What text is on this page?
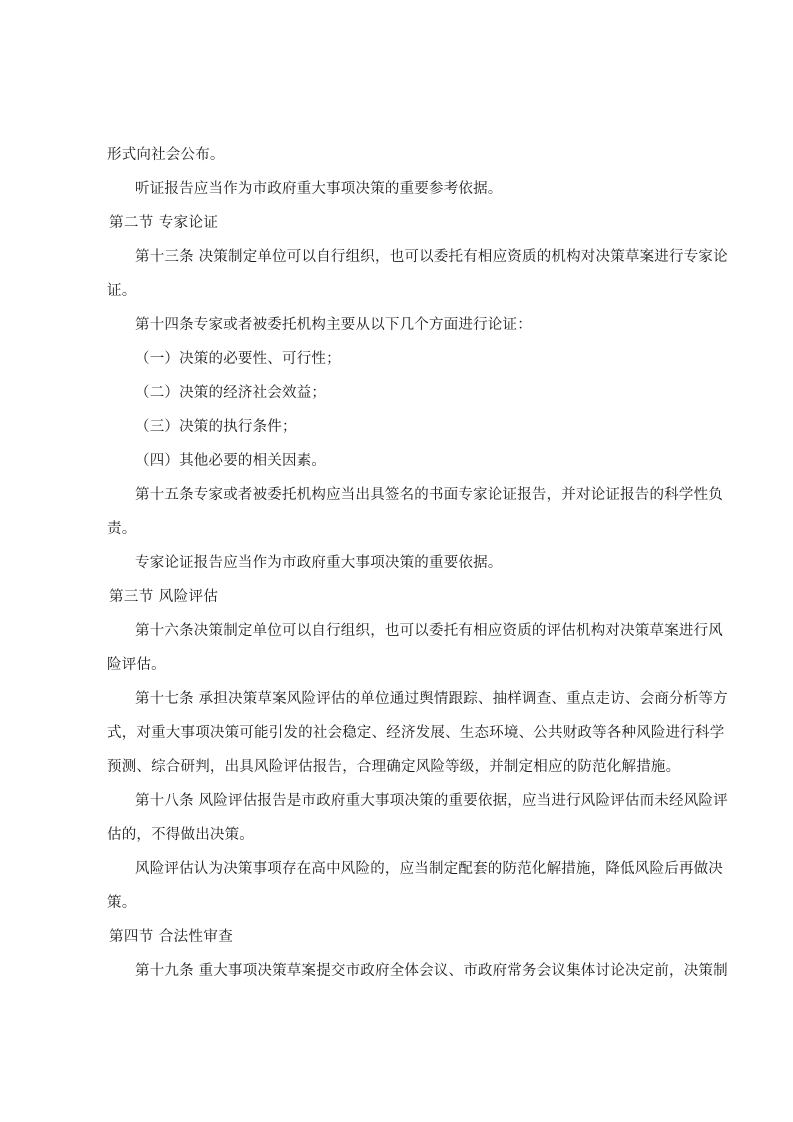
形式向社会公布。
听证报告应当作为市政府重大事项决策的重要参考依据。
第二节 专家论证
第十三条 决策制定单位可以自行组织，也可以委托有相应资质的机构对决策草案进行专家论
证。
第十四条专家或者被委托机构主要从以下几个方面进行论证：
（一）决策的必要性、可行性；
（二）决策的经济社会效益；
（三）决策的执行条件；
（四）其他必要的相关因素。
第十五条专家或者被委托机构应当出具签名的书面专家论证报告，并对论证报告的科学性负
责。
专家论证报告应当作为市政府重大事项决策的重要依据。
第三节 风险评估
第十六条决策制定单位可以自行组织，也可以委托有相应资质的评估机构对决策草案进行风
险评估。
第十七条 承担决策草案风险评估的单位通过舆情跟踪、抽样调查、重点走访、会商分析等方
式，对重大事项决策可能引发的社会稳定、经济发展、生态环境、公共财政等各种风险进行科学
预测、综合研判，出具风险评估报告，合理确定风险等级，并制定相应的防范化解措施。
第十八条 风险评估报告是市政府重大事项决策的重要依据，应当进行风险评估而未经风险评
估的，不得做出决策。
风险评估认为决策事项存在高中风险的，应当制定配套的防范化解措施，降低风险后再做决
策。
第四节 合法性审查
第十九条 重大事项决策草案提交市政府全体会议、市政府常务会议集体讨论决定前，决策制
